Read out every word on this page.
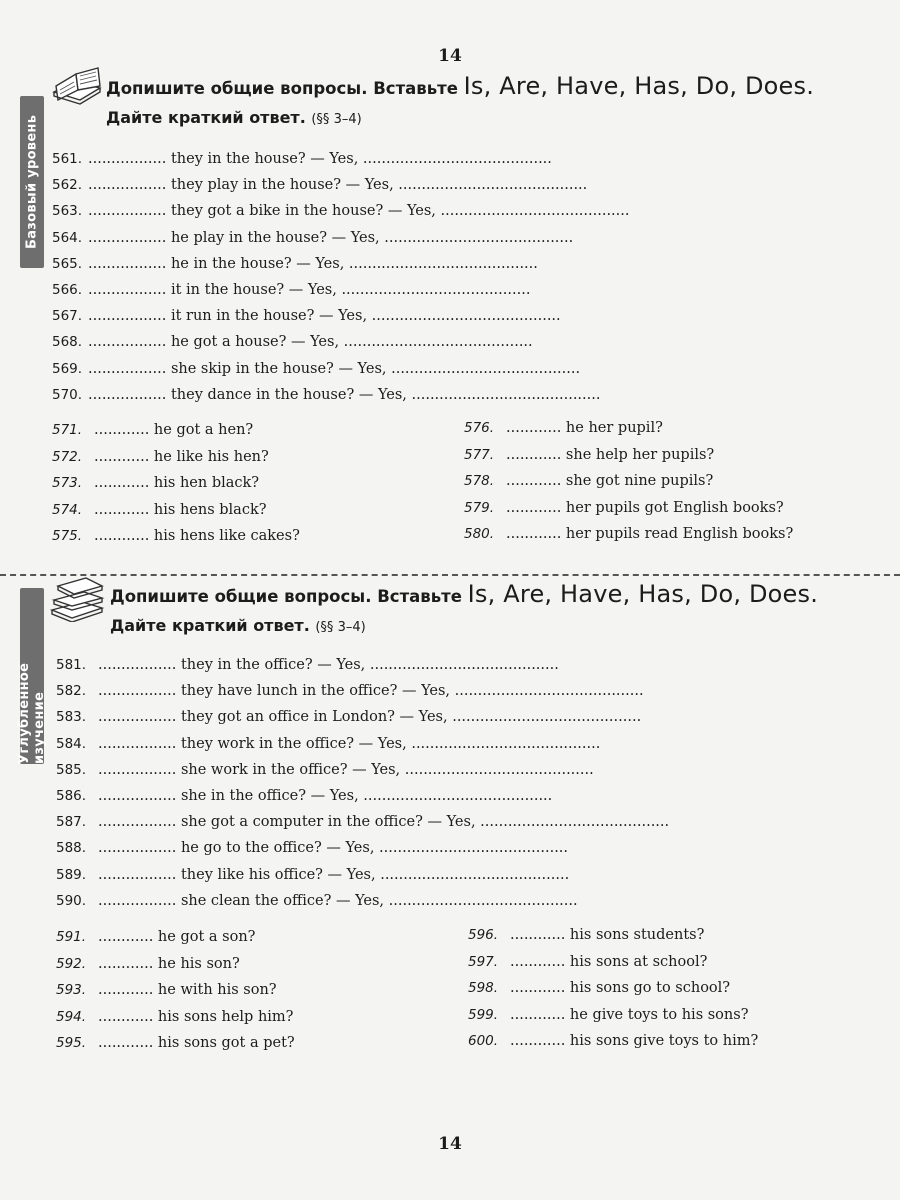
14
Базовый уровень
Допишите общие вопросы. Вставьте Is, Are, Have, Has, Do, Does.
Дайте краткий ответ. (§§ 3–4)
561. ................. they in the house? — Yes, .........................................
562. ................. they play in the house? — Yes, .........................................
563. ................. they got a bike in the house? — Yes, .........................................
564. ................. he play in the house? — Yes, .........................................
565. ................. he in the house? — Yes, .........................................
566. ................. it in the house? — Yes, .........................................
567. ................. it run in the house? — Yes, .........................................
568. ................. he got a house? — Yes, .........................................
569. ................. she skip in the house? — Yes, .........................................
570. ................. they dance in the house? — Yes, .........................................
571. ............ he got a hen?
572. ............ he like his hen?
573. ............ his hen black?
574. ............ his hens black?
575. ............ his hens like cakes?
576. ............ he her pupil?
577. ............ she help her pupils?
578. ............ she got nine pupils?
579. ............ her pupils got English books?
580. ............ her pupils read English books?
Углубленное изучение
Допишите общие вопросы. Вставьте Is, Are, Have, Has, Do, Does.
Дайте краткий ответ. (§§ 3–4)
581. ................. they in the office? — Yes, .........................................
582. ................. they have lunch in the office? — Yes, .........................................
583. ................. they got an office in London? — Yes, .........................................
584. ................. they work in the office? — Yes, .........................................
585. ................. she work in the office? — Yes, .........................................
586. ................. she in the office? — Yes, .........................................
587. ................. she got a computer in the office? — Yes, .........................................
588. ................. he go to the office? — Yes, .........................................
589. ................. they like his office? — Yes, .........................................
590. ................. she clean the office? — Yes, .........................................
591. ............ he got a son?
592. ............ he his son?
593. ............ he with his son?
594. ............ his sons help him?
595. ............ his sons got a pet?
596. ............ his sons students?
597. ............ his sons at school?
598. ............ his sons go to school?
599. ............ he give toys to his sons?
600. ............ his sons give toys to him?
14
